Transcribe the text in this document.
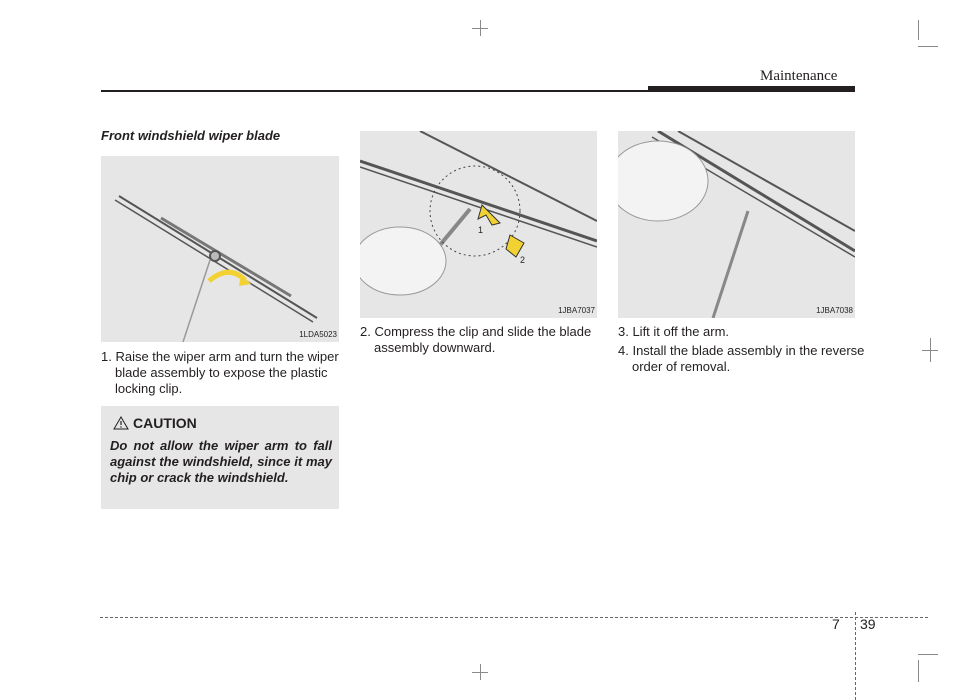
Maintenance
Front windshield wiper blade
1LDA5023
1
2
1JBA7037	1JBA7038
1. Raise the wiper arm and turn the wiper blade assembly to expose the plastic locking clip.
2. Compress the clip and slide the blade assembly downward.
3. Lift it off the arm.
4. Install the blade assembly in the reverse order of removal.
CAUTION
Do not allow the wiper arm to fall against the windshield, since it may chip or crack the windshield.
7 39
